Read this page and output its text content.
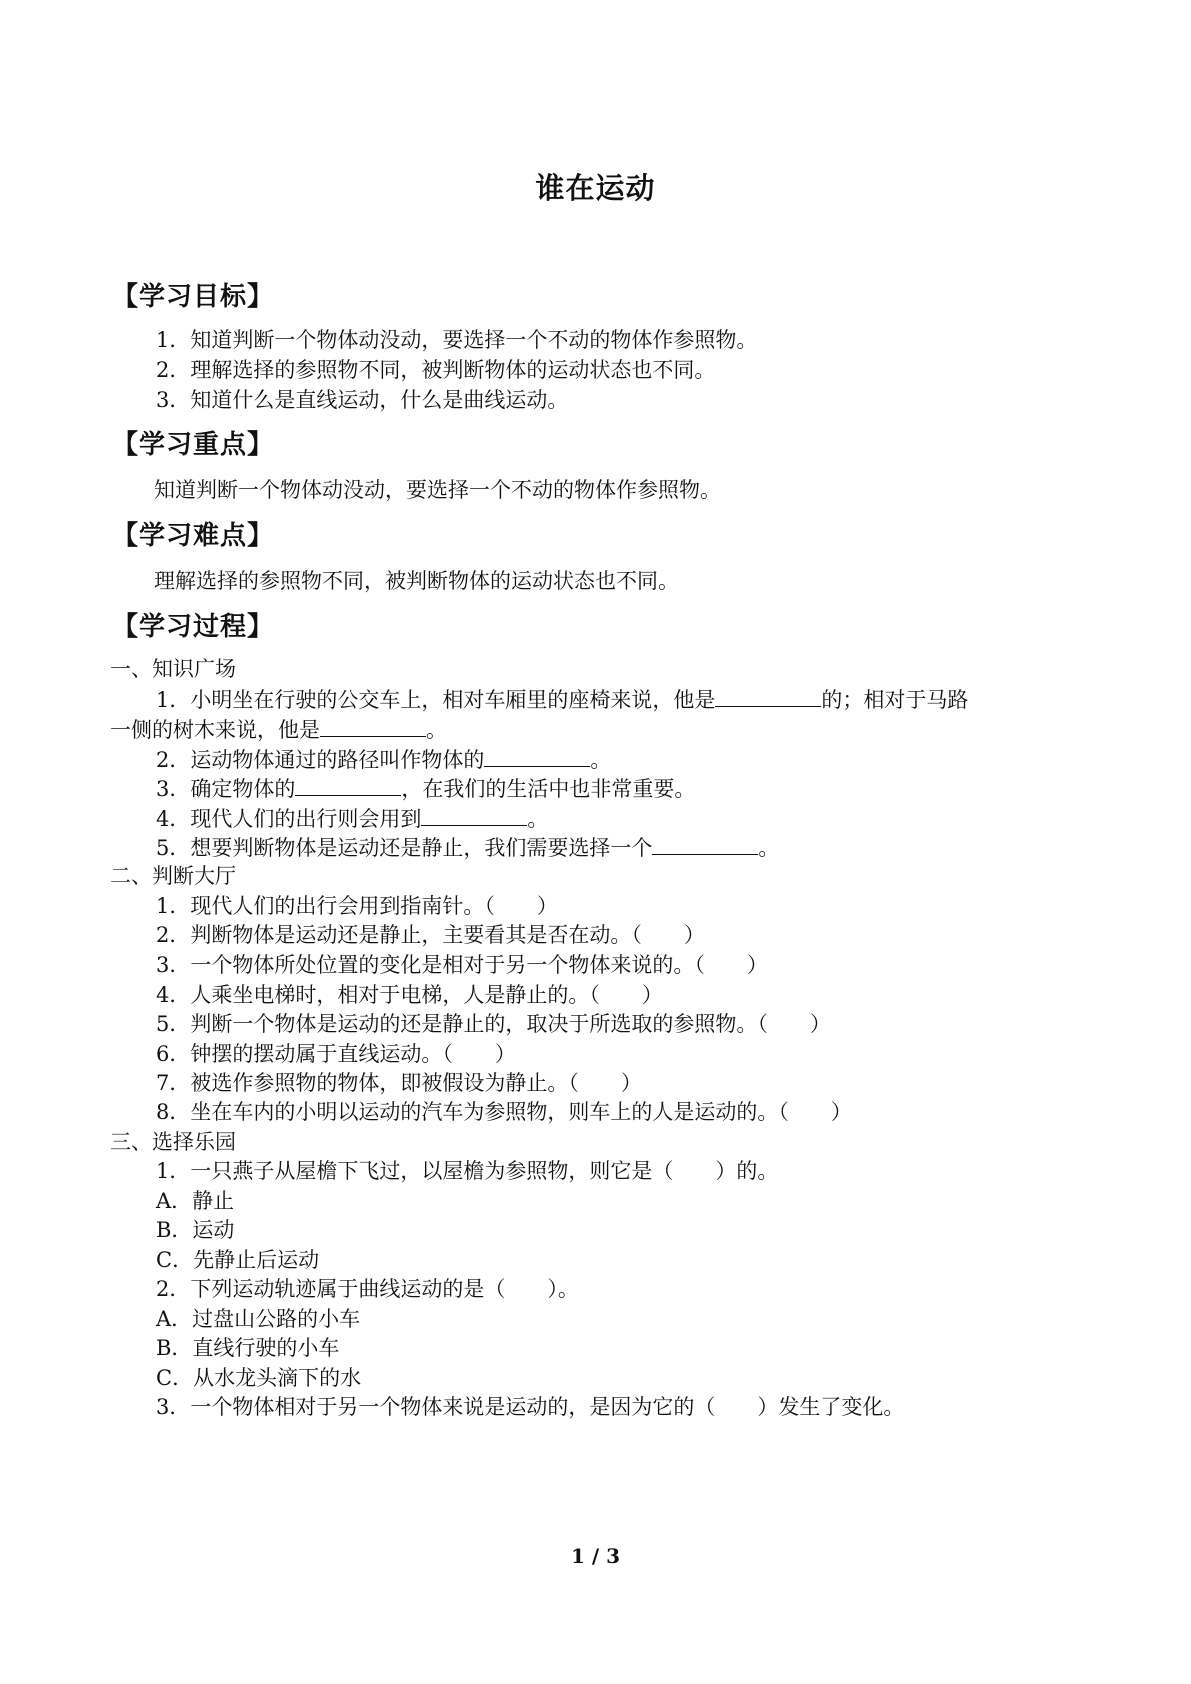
谁在运动
【学习目标】
1．知道判断一个物体动没动，要选择一个不动的物体作参照物。
2．理解选择的参照物不同，被判断物体的运动状态也不同。
3．知道什么是直线运动，什么是曲线运动。
【学习重点】
知道判断一个物体动没动，要选择一个不动的物体作参照物。
【学习难点】
理解选择的参照物不同，被判断物体的运动状态也不同。
【学习过程】
一、知识广场
1．小明坐在行驶的公交车上，相对车厢里的座椅来说，他是	的；相对于马路
一侧的树木来说，他是	。
2．运动物体通过的路径叫作物体的	。
3．确定物体的	，在我们的生活中也非常重要。
4．现代人们的出行则会用到	。
5．想要判断物体是运动还是静止，我们需要选择一个	。
二、判断大厅
1．现代人们的出行会用到指南针。（　　）
2．判断物体是运动还是静止，主要看其是否在动。（　　）
3．一个物体所处位置的变化是相对于另一个物体来说的。（　　）
4．人乘坐电梯时，相对于电梯，人是静止的。（　　）
5．判断一个物体是运动的还是静止的，取决于所选取的参照物。（　　）
6．钟摆的摆动属于直线运动。（　　）
7．被选作参照物的物体，即被假设为静止。（　　）
8．坐在车内的小明以运动的汽车为参照物，则车上的人是运动的。（　　）
三、选择乐园
1．一只燕子从屋檐下飞过，以屋檐为参照物，则它是（　　）的。
A．静止
B．运动
C．先静止后运动
2．下列运动轨迹属于曲线运动的是（　　）。
A．过盘山公路的小车
B．直线行驶的小车
C．从水龙头滴下的水
3．一个物体相对于另一个物体来说是运动的，是因为它的（　　）发生了变化。
1 / 3
